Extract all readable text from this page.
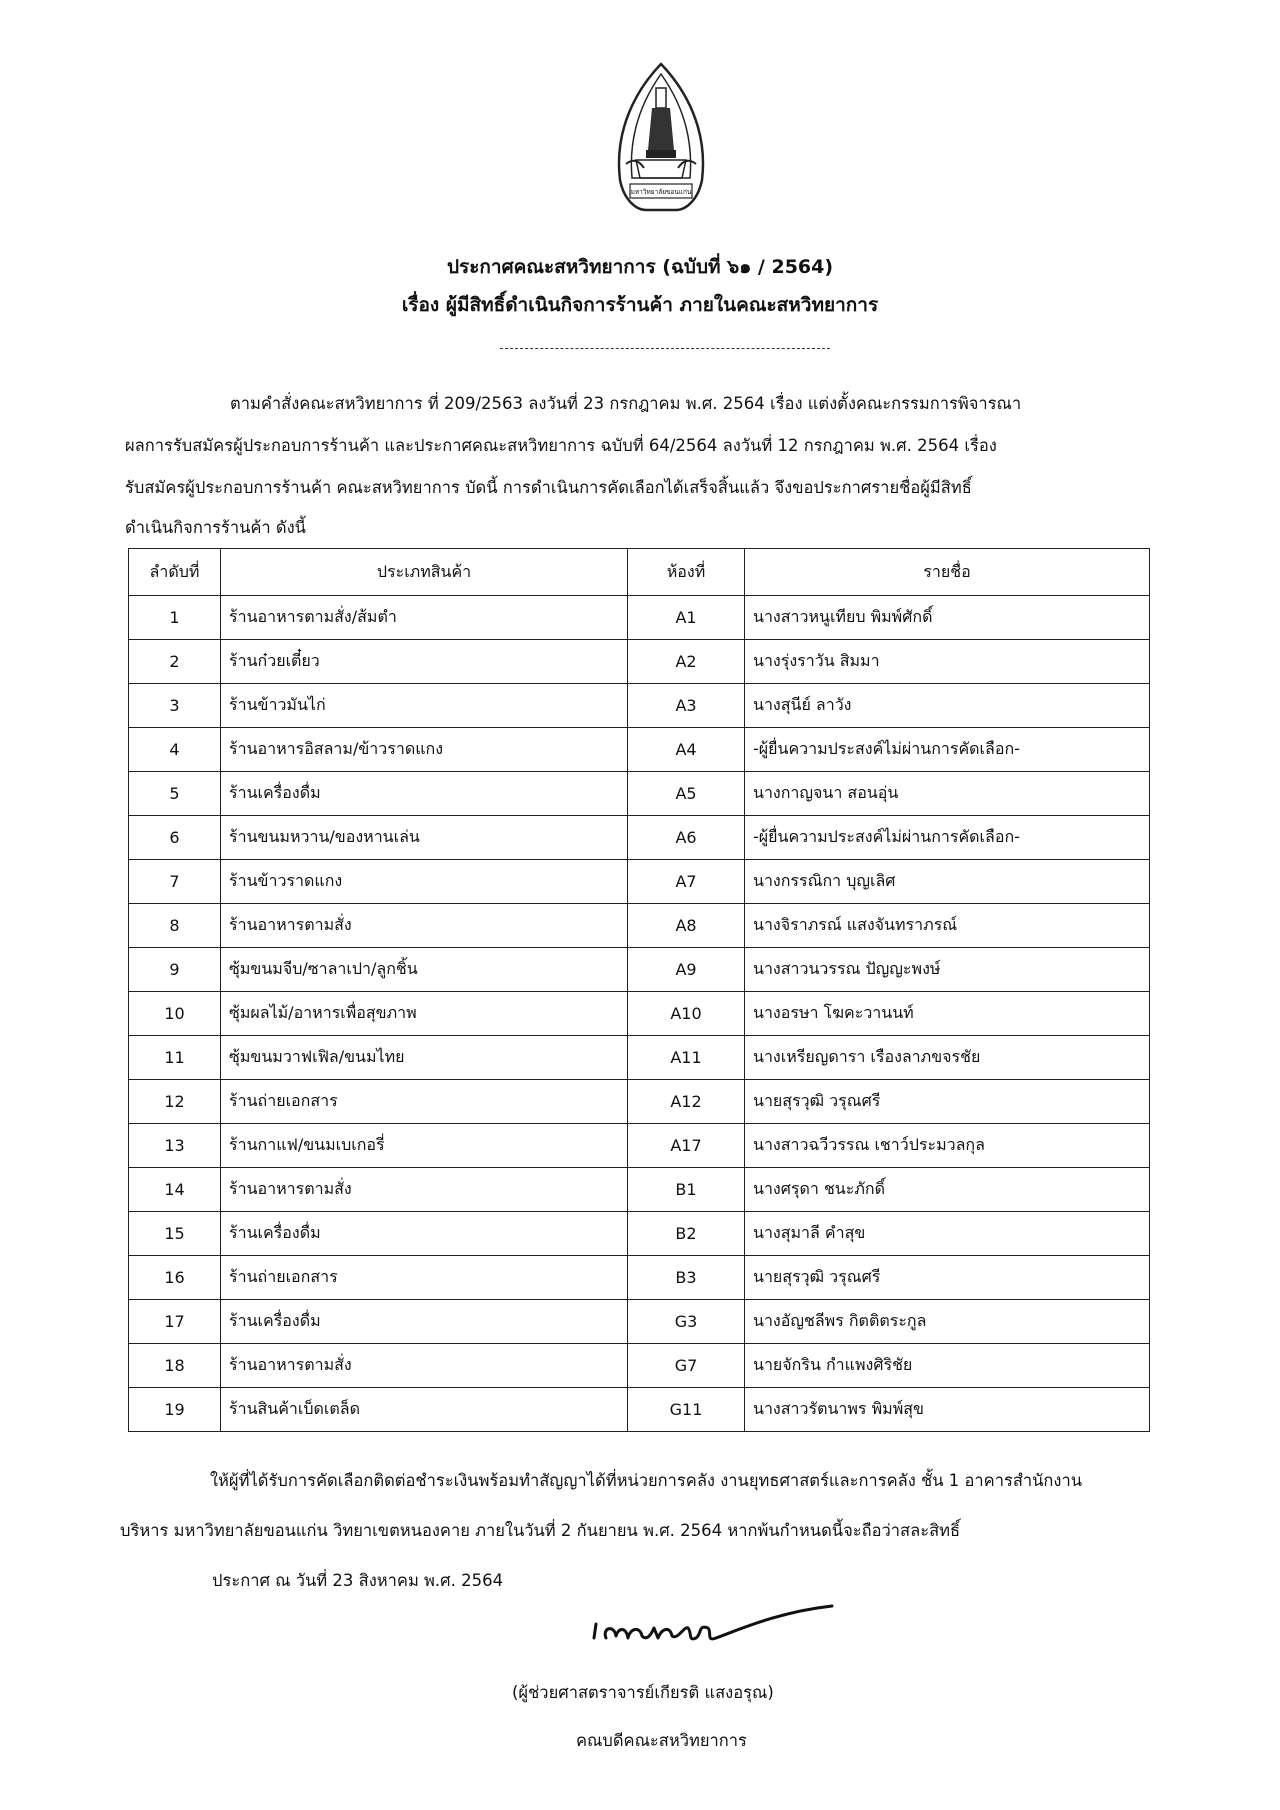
มหาวิทยาลัยขอนแก่น
ประกาศคณะสหวิทยาการ (ฉบับที่ ๖๑ / 2564)
เรื่อง ผู้มีสิทธิ์ดำเนินกิจการร้านค้า ภายในคณะสหวิทยาการ
ตามคำสั่งคณะสหวิทยาการ ที่ 209/2563 ลงวันที่ 23 กรกฎาคม พ.ศ. 2564 เรื่อง แต่งตั้งคณะกรรมการพิจารณา
ผลการรับสมัครผู้ประกอบการร้านค้า และประกาศคณะสหวิทยาการ ฉบับที่ 64/2564 ลงวันที่ 12 กรกฎาคม พ.ศ. 2564 เรื่อง
รับสมัครผู้ประกอบการร้านค้า คณะสหวิทยาการ บัดนี้ การดำเนินการคัดเลือกได้เสร็จสิ้นแล้ว จึงขอประกาศรายชื่อผู้มีสิทธิ์
ดำเนินกิจการร้านค้า ดังนี้
ลำดับที่	ประเภทสินค้า	ห้องที่	รายชื่อ
1	ร้านอาหารตามสั่ง/ส้มตำ	A1	นางสาวหนูเทียบ พิมพ์ศักดิ์
2	ร้านก๋วยเตี๋ยว	A2	นางรุ่งราวัน สิมมา
3	ร้านข้าวมันไก่	A3	นางสุนีย์ ลาวัง
4	ร้านอาหารอิสลาม/ข้าวราดแกง	A4	-ผู้ยื่นความประสงค์ไม่ผ่านการคัดเลือก-
5	ร้านเครื่องดื่ม	A5	นางกาญจนา สอนอุ่น
6	ร้านขนมหวาน/ของหานเล่น	A6	-ผู้ยื่นความประสงค์ไม่ผ่านการคัดเลือก-
7	ร้านข้าวราดแกง	A7	นางกรรณิกา บุญเลิศ
8	ร้านอาหารตามสั่ง	A8	นางจิราภรณ์ แสงจันทราภรณ์
9	ซุ้มขนมจีบ/ซาลาเปา/ลูกชิ้น	A9	นางสาวนวรรณ ปัญญะพงษ์
10	ซุ้มผลไม้/อาหารเพื่อสุขภาพ	A10	นางอรษา โฆคะวานนท์
11	ซุ้มขนมวาฟเฟิล/ขนมไทย	A11	นางเหรียญดารา เรืองลาภขจรชัย
12	ร้านถ่ายเอกสาร	A12	นายสุรวุฒิ วรุณศรี
13	ร้านกาแฟ/ขนมเบเกอรี่	A17	นางสาวฉวีวรรณ เชาว์ประมวลกุล
14	ร้านอาหารตามสั่ง	B1	นางศรุดา ชนะภักดิ์
15	ร้านเครื่องดื่ม	B2	นางสุมาลี คำสุข
16	ร้านถ่ายเอกสาร	B3	นายสุรวุฒิ วรุณศรี
17	ร้านเครื่องดื่ม	G3	นางอัญชลีพร กิตติตระกูล
18	ร้านอาหารตามสั่ง	G7	นายจักริน กำแพงศิริชัย
19	ร้านสินค้าเบ็ดเตล็ด	G11	นางสาวรัตนาพร พิมพ์สุข
ให้ผู้ที่ได้รับการคัดเลือกติดต่อชำระเงินพร้อมทำสัญญาได้ที่หน่วยการคลัง งานยุทธศาสตร์และการคลัง ชั้น 1 อาคารสำนักงาน
บริหาร มหาวิทยาลัยขอนแก่น วิทยาเขตหนองคาย ภายในวันที่ 2 กันยายน พ.ศ. 2564 หากพ้นกำหนดนี้จะถือว่าสละสิทธิ์
ประกาศ ณ วันที่ 23 สิงหาคม พ.ศ. 2564
(ผู้ช่วยศาสตราจารย์เกียรติ แสงอรุณ)
คณบดีคณะสหวิทยาการ
